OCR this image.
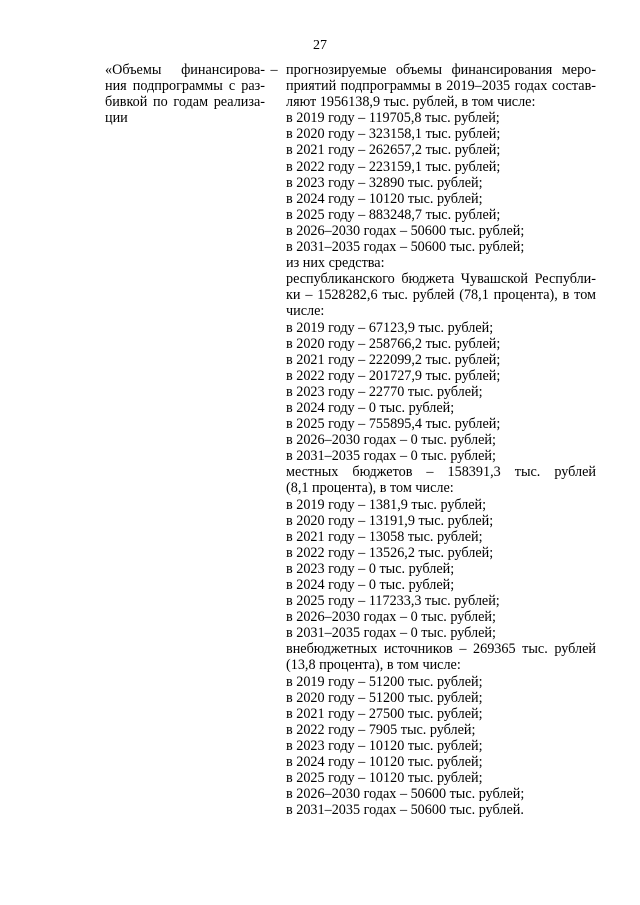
27
«Объемы финансирова-
ния подпрограммы с раз-
бивкой по годам реализа-
ции
– прогнозируемые объемы финансирования меро-
приятий подпрограммы в 2019–2035 годах состав-
ляют 1956138,9 тыс. рублей, в том числе:
в 2019 году – 119705,8 тыс. рублей;
в 2020 году – 323158,1 тыс. рублей;
в 2021 году – 262657,2 тыс. рублей;
в 2022 году – 223159,1 тыс. рублей;
в 2023 году – 32890 тыс. рублей;
в 2024 году – 10120 тыс. рублей;
в 2025 году – 883248,7 тыс. рублей;
в 2026–2030 годах – 50600 тыс. рублей;
в 2031–2035 годах – 50600 тыс. рублей;
из них средства:
республиканского бюджета Чувашской Республи-
ки – 1528282,6 тыс. рублей (78,1 процента), в том
числе:
в 2019 году – 67123,9 тыс. рублей;
в 2020 году – 258766,2 тыс. рублей;
в 2021 году – 222099,2 тыс. рублей;
в 2022 году – 201727,9 тыс. рублей;
в 2023 году – 22770 тыс. рублей;
в 2024 году – 0 тыс. рублей;
в 2025 году – 755895,4 тыс. рублей;
в 2026–2030 годах – 0 тыс. рублей;
в 2031–2035 годах – 0 тыс. рублей;
местных бюджетов – 158391,3 тыс. рублей
(8,1 процента), в том числе:
в 2019 году – 1381,9 тыс. рублей;
в 2020 году – 13191,9 тыс. рублей;
в 2021 году – 13058 тыс. рублей;
в 2022 году – 13526,2 тыс. рублей;
в 2023 году – 0 тыс. рублей;
в 2024 году – 0 тыс. рублей;
в 2025 году – 117233,3 тыс. рублей;
в 2026–2030 годах – 0 тыс. рублей;
в 2031–2035 годах – 0 тыс. рублей;
внебюджетных источников – 269365 тыс. рублей
(13,8 процента), в том числе:
в 2019 году – 51200 тыс. рублей;
в 2020 году – 51200 тыс. рублей;
в 2021 году – 27500 тыс. рублей;
в 2022 году – 7905 тыс. рублей;
в 2023 году – 10120 тыс. рублей;
в 2024 году – 10120 тыс. рублей;
в 2025 году – 10120 тыс. рублей;
в 2026–2030 годах – 50600 тыс. рублей;
в 2031–2035 годах – 50600 тыс. рублей.
